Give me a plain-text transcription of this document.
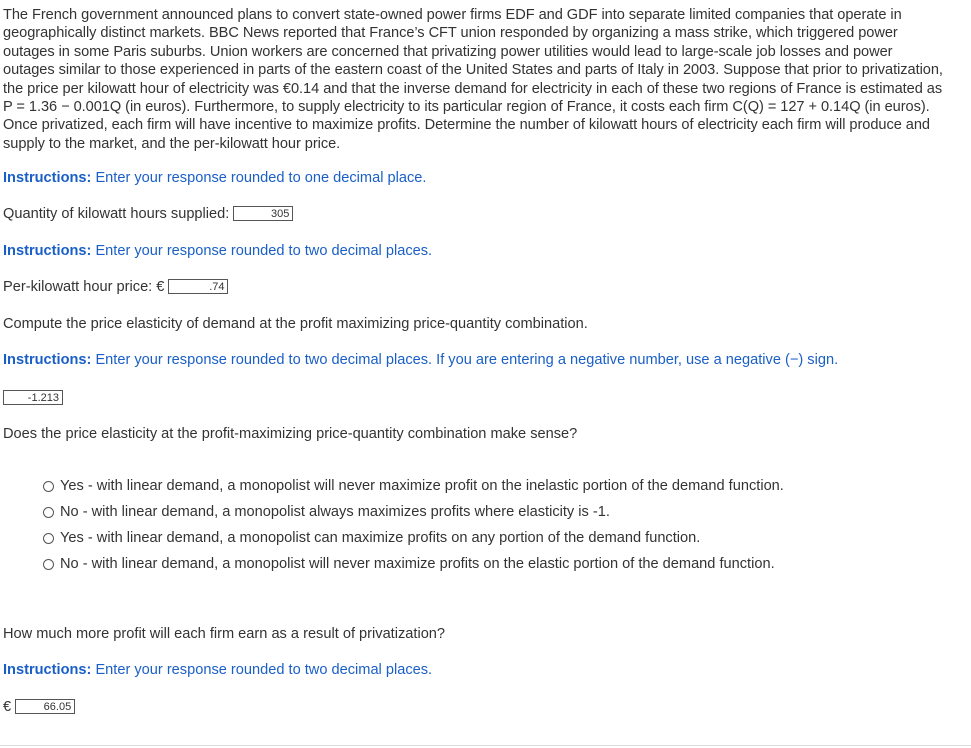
The French government announced plans to convert state-owned power firms EDF and GDF into separate limited companies that operate in geographically distinct markets. BBC News reported that France’s CFT union responded by organizing a mass strike, which triggered power outages in some Paris suburbs. Union workers are concerned that privatizing power utilities would lead to large-scale job losses and power outages similar to those experienced in parts of the eastern coast of the United States and parts of Italy in 2003. Suppose that prior to privatization, the price per kilowatt hour of electricity was €0.14 and that the inverse demand for electricity in each of these two regions of France is estimated as P = 1.36 − 0.001Q (in euros). Furthermore, to supply electricity to its particular region of France, it costs each firm C(Q) = 127 + 0.14Q (in euros). Once privatized, each firm will have incentive to maximize profits. Determine the number of kilowatt hours of electricity each firm will produce and supply to the market, and the per-kilowatt hour price.
Instructions: Enter your response rounded to one decimal place.
Quantity of kilowatt hours supplied:	305
Instructions: Enter your response rounded to two decimal places.
Per-kilowatt hour price: €	.74
Compute the price elasticity of demand at the profit maximizing price-quantity combination.
Instructions: Enter your response rounded to two decimal places. If you are entering a negative number, use a negative (−) sign.
-1.213
Does the price elasticity at the profit-maximizing price-quantity combination make sense?
Yes - with linear demand, a monopolist will never maximize profit on the inelastic portion of the demand function.
No - with linear demand, a monopolist always maximizes profits where elasticity is -1.
Yes - with linear demand, a monopolist can maximize profits on any portion of the demand function.
No - with linear demand, a monopolist will never maximize profits on the elastic portion of the demand function.
How much more profit will each firm earn as a result of privatization?
Instructions: Enter your response rounded to two decimal places.
€	66.05
